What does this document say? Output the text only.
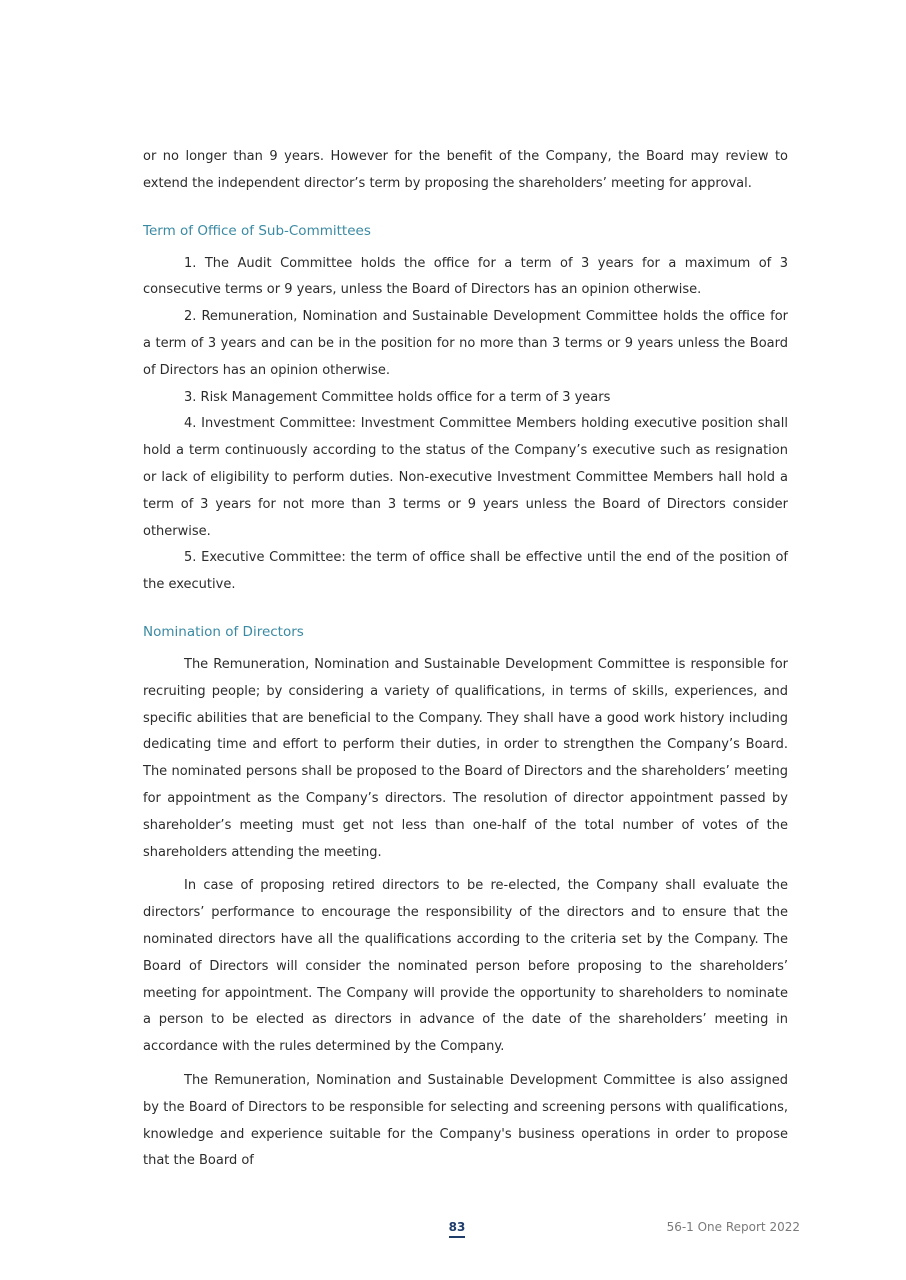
or no longer than 9 years. However for the benefit of the Company, the Board may review to extend the independent director’s term by proposing the shareholders’ meeting for approval.

Term of Office of Sub-Committees

1. The Audit Committee holds the office for a term of 3 years for a maximum of 3 consecutive terms or 9 years, unless the Board of Directors has an opinion otherwise.

2. Remuneration, Nomination and Sustainable Development Committee holds the office for a term of 3 years and can be in the position for no more than 3 terms or 9 years unless the Board of Directors has an opinion otherwise.

3. Risk Management Committee holds office for a term of 3 years

4. Investment Committee: Investment Committee Members holding executive position shall hold a term continuously according to the status of the Company’s executive such as resignation or lack of eligibility to perform duties. Non-executive Investment Committee Members hall hold a term of 3 years for not more than 3 terms or 9 years unless the Board of Directors consider otherwise.

5. Executive Committee: the term of office shall be effective until the end of the position of the executive.

Nomination of Directors

The Remuneration, Nomination and Sustainable Development Committee is responsible for recruiting people; by considering a variety of qualifications, in terms of skills, experiences, and specific abilities that are beneficial to the Company. They shall have a good work history including dedicating time and effort to perform their duties, in order to strengthen the Company’s Board. The nominated persons shall be proposed to the Board of Directors and the shareholders’ meeting for appointment as the Company’s directors. The resolution of director appointment passed by shareholder’s meeting must get not less than one-half of the total number of votes of the shareholders attending the meeting.

In case of proposing retired directors to be re-elected, the Company shall evaluate the directors’ performance to encourage the responsibility of the directors and to ensure that the nominated directors have all the qualifications according to the criteria set by the Company. The Board of Directors will consider the nominated person before proposing to the shareholders’ meeting for appointment. The Company will provide the opportunity to shareholders to nominate a person to be elected as directors in advance of the date of the shareholders’ meeting in accordance with the rules determined by the Company.

The Remuneration, Nomination and Sustainable Development Committee is also assigned by the Board of Directors to be responsible for selecting and screening persons with qualifications, knowledge and experience suitable for the Company's business operations in order to propose that the Board of

83	56-1 One Report 2022
